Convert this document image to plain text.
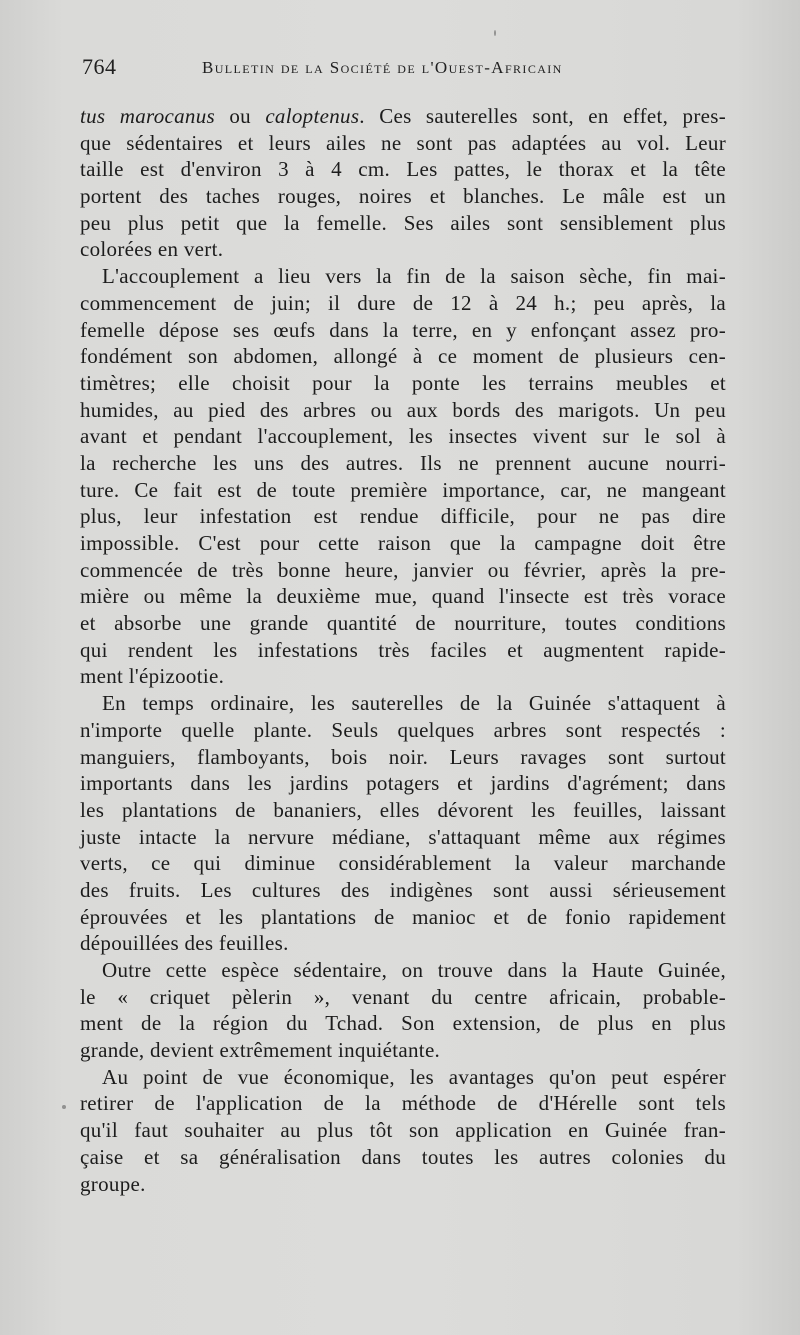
764	Bulletin de la Société de l'Ouest-Africain
tus marocanus ou caloptenus. Ces sauterelles sont, en effet, pres-
que sédentaires et leurs ailes ne sont pas adaptées au vol. Leur
taille est d'environ 3 à 4 cm. Les pattes, le thorax et la tête
portent des taches rouges, noires et blanches. Le mâle est un
peu plus petit que la femelle. Ses ailes sont sensiblement plus
colorées en vert.
L'accouplement a lieu vers la fin de la saison sèche, fin mai-
commencement de juin; il dure de 12 à 24 h.; peu après, la
femelle dépose ses œufs dans la terre, en y enfonçant assez pro-
fondément son abdomen, allongé à ce moment de plusieurs cen-
timètres; elle choisit pour la ponte les terrains meubles et
humides, au pied des arbres ou aux bords des marigots. Un peu
avant et pendant l'accouplement, les insectes vivent sur le sol à
la recherche les uns des autres. Ils ne prennent aucune nourri-
ture. Ce fait est de toute première importance, car, ne mangeant
plus, leur infestation est rendue difficile, pour ne pas dire
impossible. C'est pour cette raison que la campagne doit être
commencée de très bonne heure, janvier ou février, après la pre-
mière ou même la deuxième mue, quand l'insecte est très vorace
et absorbe une grande quantité de nourriture, toutes conditions
qui rendent les infestations très faciles et augmentent rapide-
ment l'épizootie.
En temps ordinaire, les sauterelles de la Guinée s'attaquent à
n'importe quelle plante. Seuls quelques arbres sont respectés :
manguiers, flamboyants, bois noir. Leurs ravages sont surtout
importants dans les jardins potagers et jardins d'agrément; dans
les plantations de bananiers, elles dévorent les feuilles, laissant
juste intacte la nervure médiane, s'attaquant même aux régimes
verts, ce qui diminue considérablement la valeur marchande
des fruits. Les cultures des indigènes sont aussi sérieusement
éprouvées et les plantations de manioc et de fonio rapidement
dépouillées des feuilles.
Outre cette espèce sédentaire, on trouve dans la Haute Guinée,
le « criquet pèlerin », venant du centre africain, probable-
ment de la région du Tchad. Son extension, de plus en plus
grande, devient extrêmement inquiétante.
Au point de vue économique, les avantages qu'on peut espérer
retirer de l'application de la méthode de d'Hérelle sont tels
qu'il faut souhaiter au plus tôt son application en Guinée fran-
çaise et sa généralisation dans toutes les autres colonies du
groupe.
